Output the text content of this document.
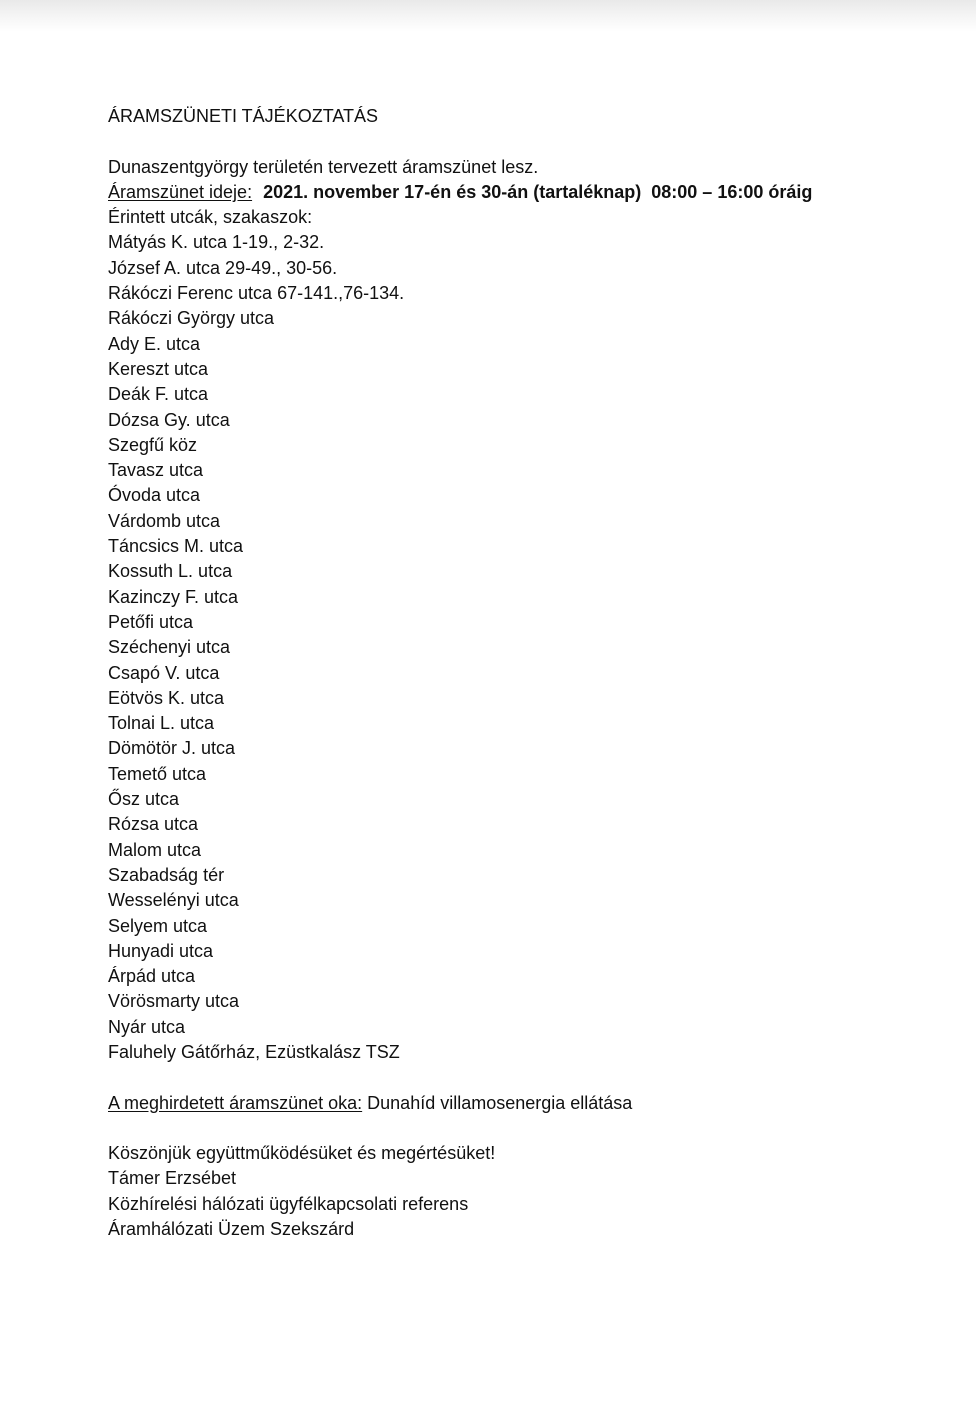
ÁRAMSZÜNETI TÁJÉKOZTATÁS
Dunaszentgyörgy területén tervezett áramszünet lesz.
Áramszünet ideje: 2021. november 17-én és 30-án (tartaléknap)  08:00 – 16:00 óráig
Érintett utcák, szakaszok:
Mátyás K. utca 1-19., 2-32.
József A. utca 29-49., 30-56.
Rákóczi Ferenc utca 67-141.,76-134.
Rákóczi György utca
Ady E. utca
Kereszt utca
Deák F. utca
Dózsa Gy. utca
Szegfű köz
Tavasz utca
Óvoda utca
Várdomb utca
Táncsics M. utca
Kossuth L. utca
Kazinczy F. utca
Petőfi utca
Széchenyi utca
Csapó V. utca
Eötvös K. utca
Tolnai L. utca
Dömötör J. utca
Temető utca
Ősz utca
Rózsa utca
Malom utca
Szabadság tér
Wesselényi utca
Selyem utca
Hunyadi utca
Árpád utca
Vörösmarty utca
Nyár utca
Faluhely Gátőrház, Ezüstkalász TSZ
A meghirdetett áramszünet oka: Dunahíd villamosenergia ellátása
Köszönjük együttműködésüket és megértésüket!
Támer Erzsébet
Közhírelési hálózati ügyfélkapcsolati referens
Áramhálózati Üzem Szekszárd
